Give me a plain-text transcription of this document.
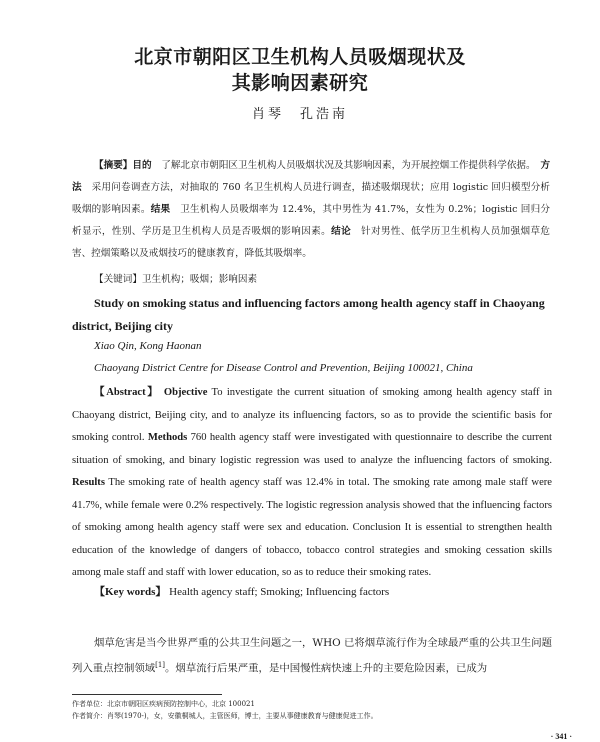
北京市朝阳区卫生机构人员吸烟现状及
其影响因素研究
肖琴　孔浩南

【摘要】目的　 了解北京市朝阳区卫生机构人员吸烟状况及其影响因素，为开展控烟工作提供科学依据。　 方法　 采用问卷调查方法，对抽取的 760 名卫生机构人员进行调查，描述吸烟现状；应用 logistic 回归模型分析吸烟的影响因素。结果　 卫生机构人员吸烟率为 12.4%，其中男性为 41.7%，女性为 0.2%；logistic 回归分析显示，性别、学历是卫生机构人员是否吸烟的影响因素。结论　 针对男性、低学历卫生机构人员加强烟草危害、控烟策略以及戒烟技巧的健康教育，降低其吸烟率。

【关键词】卫生机构；吸烟；影响因素

Study on smoking status and influencing factors among health agency staff in Chaoyang district, Beijing city

Xiao Qin, Kong Haonan

Chaoyang District Centre for Disease Control and Prevention, Beijing 100021, China

【Abstract】 Objective To investigate the current situation of smoking among health agency staff in Chaoyang district, Beijing city, and to analyze its influencing factors, so as to provide the scientific basis for smoking control. Methods 760 health agency staff were investigated with questionnaire to describe the current situation of smoking, and binary logistic regression was used to analyze the influencing factors of smoking. Results The smoking rate of health agency staff was 12.4% in total. The smoking rate among male staff were 41.7%, while female were 0.2% respectively. The logistic regression analysis showed that the influencing factors of smoking among health agency staff were sex and education. Conclusion It is essential to strengthen health education of the knowledge of dangers of tobacco, tobacco control strategies and smoking cessation skills among male staff and staff with lower education, so as to reduce their smoking rates.

【Key words】 Health agency staff; Smoking; Influencing factors

烟草危害是当今世界严重的公共卫生问题之一，WHO 已将烟草流行作为全球最严重的公共卫生问题列入重点控制领域[1]。烟草流行后果严重，是中国慢性病快速上升的主要危险因素，已成为

作者单位：北京市朝阳区疾病预防控制中心，北京 100021

作者简介：肖琴(1970-)，女，安徽桐城人，主管医师，博士，主要从事健康教育与健康促进工作。

· 341 ·
